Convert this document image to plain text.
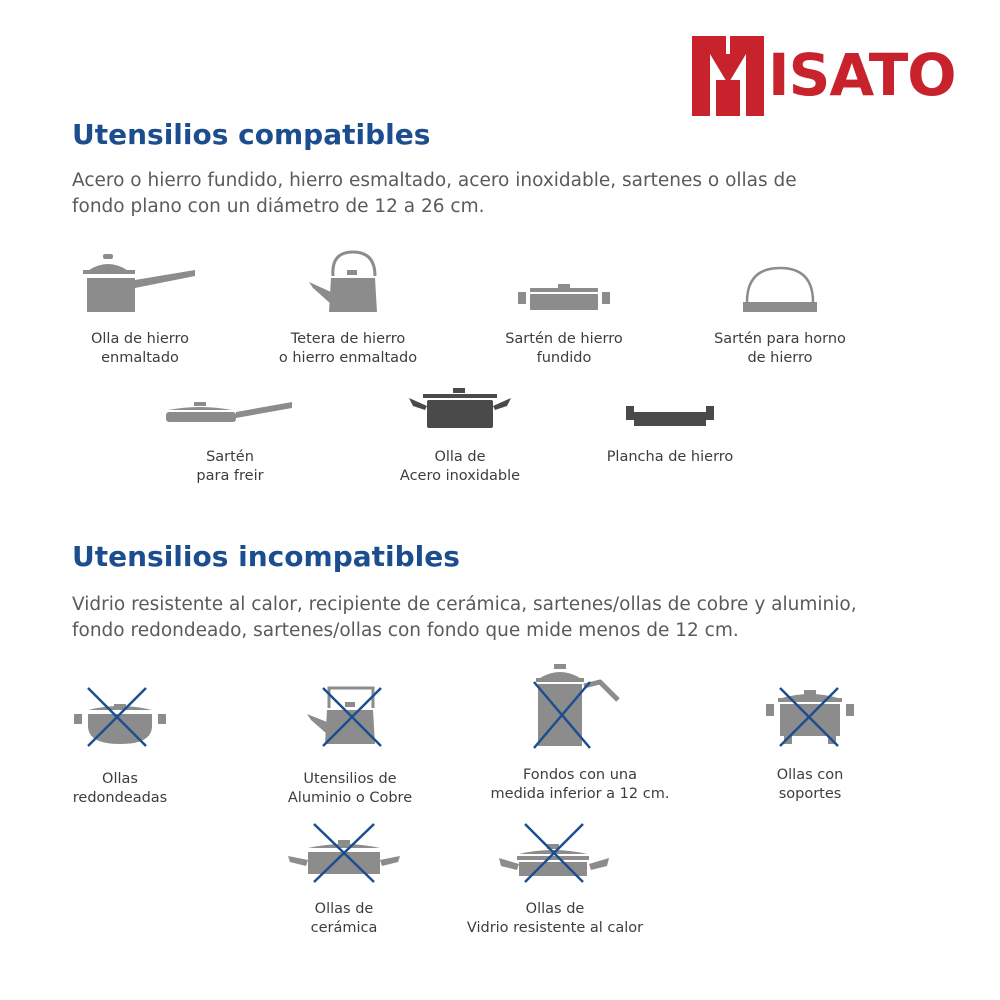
ISATO
Utensilios compatibles

Acero o hierro fundido, hierro esmaltado, acero inoxidable, sartenes o ollas de
fondo plano con un diámetro de 12 a 26 cm.

Olla de hierro
enmaltado
Tetera de hierro
o hierro enmaltado
Sartén de hierro
fundido
Sartén para horno
de hierro
Sartén
para freir
Olla de
Acero inoxidable
Plancha de hierro
Utensilios incompatibles

Vidrio resistente al calor, recipiente de cerámica, sartenes/ollas de cobre y aluminio,
fondo redondeado, sartenes/ollas con fondo que mide menos de 12 cm.

Ollas
redondeadas
Utensilios de
Aluminio o Cobre
Fondos con una
medida inferior a 12 cm.
Ollas con
soportes
Ollas de
cerámica
Ollas de
Vidrio resistente al calor
